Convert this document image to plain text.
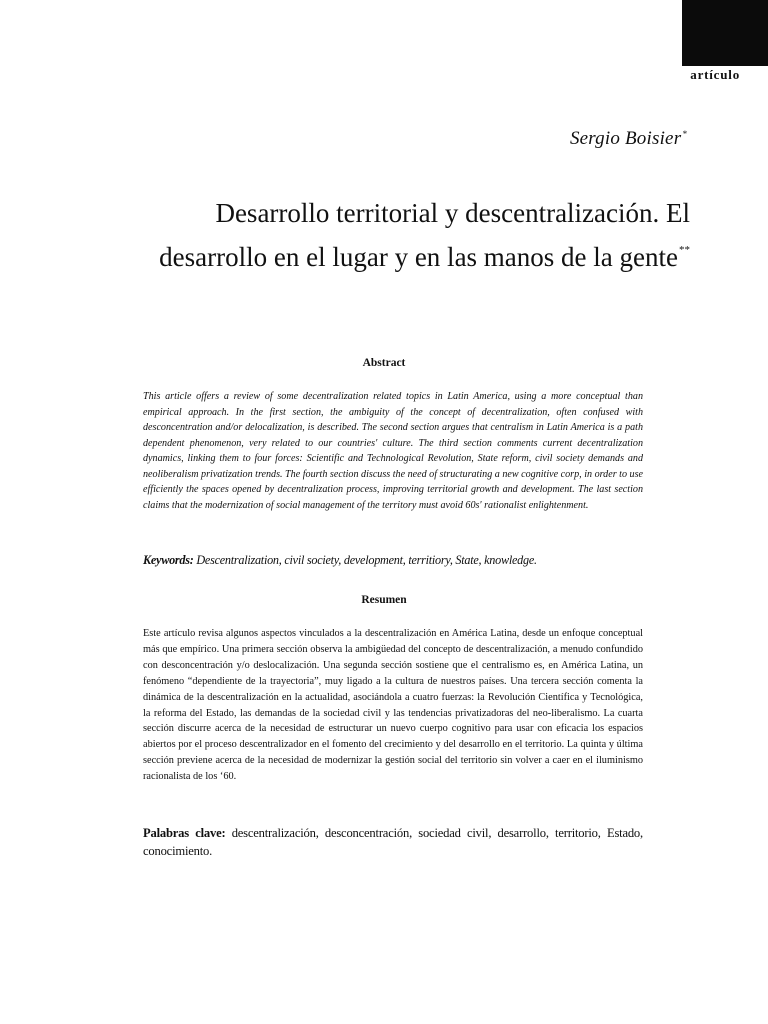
artículo
Sergio Boisier*
Desarrollo territorial y descentralización. El
desarrollo en el lugar y en las manos de la gente**
Abstract

This article offers a review of some decentralization related topics in Latin America, using a more conceptual than empirical approach. In the first section, the ambiguity of the concept of decentralization, often confused with desconcentration and/or delocalization, is described. The second section argues that centralism in Latin America is a path dependent phenomenon, very related to our countries' culture. The third section comments current decentralization dynamics, linking them to four forces: Scientific and Technological Revolution, State reform, civil society demands and neoliberalism privatization trends. The fourth section discuss the need of structurating a new cognitive corp, in order to use efficiently the spaces opened by decentralization process, improving territorial growth and development. The last section claims that the modernization of social management of the territory must avoid 60s' rationalist enlightenment.

Keywords: Descentralization, civil society, development, territiory, State, knowledge.

Resumen

Este artículo revisa algunos aspectos vinculados a la descentralización en América Latina, desde un enfoque conceptual más que empírico. Una primera sección observa la ambigüedad del concepto de descentralización, a menudo confundido con desconcentración y/o deslocalización. Una segunda sección sostiene que el centralismo es, en América Latina, un fenómeno “dependiente de la trayectoria”, muy ligado a la cultura de nuestros países. Una tercera sección comenta la dinámica de la descentralización en la actualidad, asociándola a cuatro fuerzas: la Revolución Científica y Tecnológica, la reforma del Estado, las demandas de la sociedad civil y las tendencias privatizadoras del neo-liberalismo. La cuarta sección discurre acerca de la necesidad de estructurar un nuevo cuerpo cognitivo para usar con eficacia los espacios abiertos por el proceso descentralizador en el fomento del crecimiento y del desarrollo en el territorio. La quinta y última sección previene acerca de la necesidad de modernizar la gestión social del territorio sin volver a caer en el iluminismo racionalista de los ‘60.

Palabras clave: descentralización, desconcentración, sociedad civil, desarrollo, territorio, Estado, conocimiento.
